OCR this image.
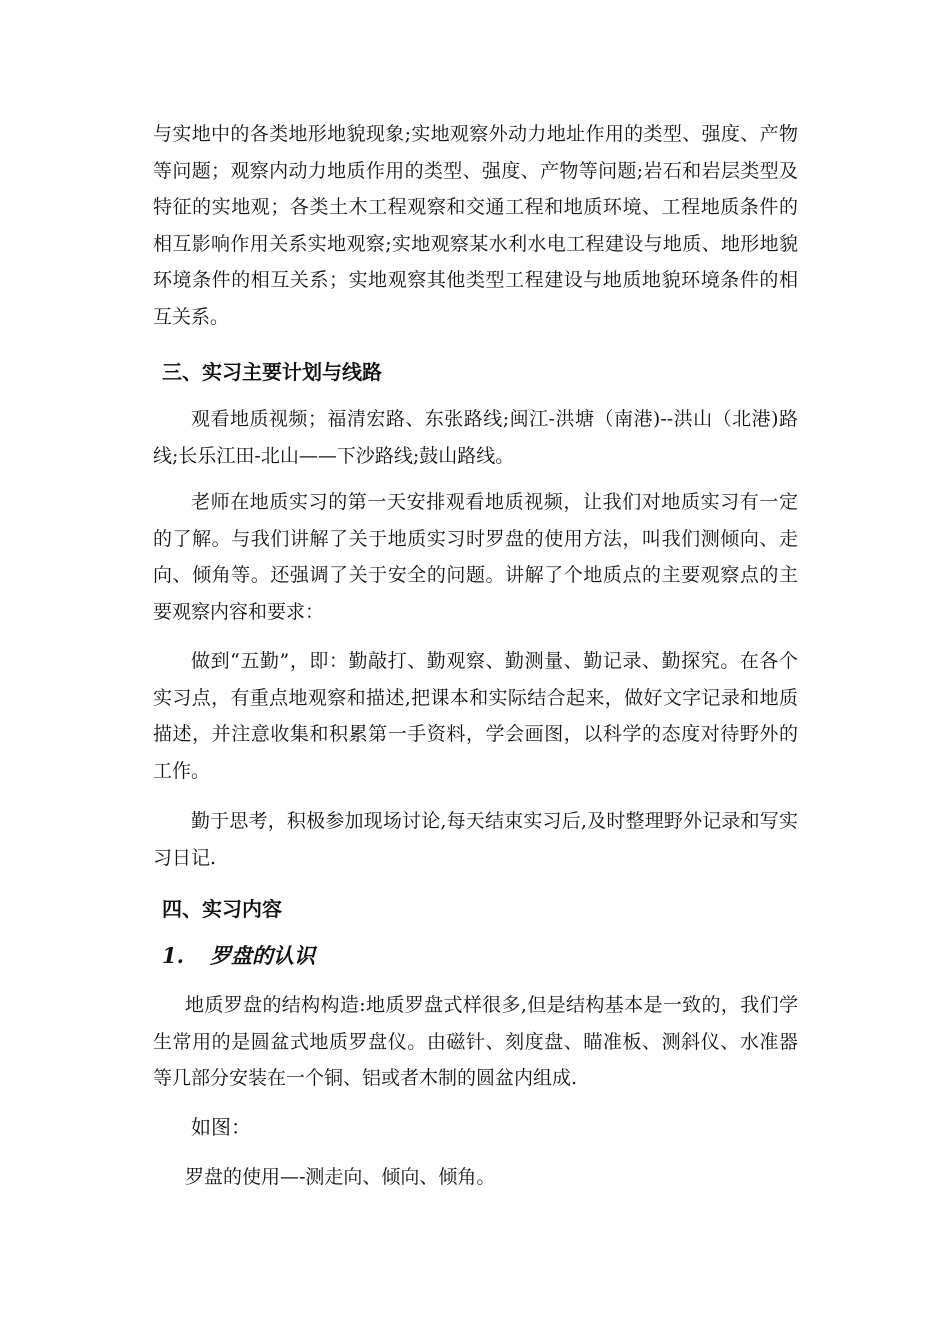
与实地中的各类地形地貌现象;实地观察外动力地址作用的类型、强度、产物等问题；观察内动力地质作用的类型、强度、产物等问题;岩石和岩层类型及特征的实地观；各类土木工程观察和交通工程和地质环境、工程地质条件的相互影响作用关系实地观察;实地观察某水利水电工程建设与地质、地形地貌环境条件的相互关系；实地观察其他类型工程建设与地质地貌环境条件的相互关系。

三、实习主要计划与线路

观看地质视频；福清宏路、东张路线;闽江-洪塘（南港)--洪山（北港)路线;长乐江田-北山——下沙路线;鼓山路线。

老师在地质实习的第一天安排观看地质视频，让我们对地质实习有一定的了解。与我们讲解了关于地质实习时罗盘的使用方法，叫我们测倾向、走向、倾角等。还强调了关于安全的问题。讲解了个地质点的主要观察点的主要观察内容和要求：

做到“五勤”，即：勤敲打、勤观察、勤测量、勤记录、勤探究。在各个实习点，有重点地观察和描述,把课本和实际结合起来，做好文字记录和地质描述，并注意收集和积累第一手资料，学会画图，以科学的态度对待野外的工作。

勤于思考，积极参加现场讨论,每天结束实习后,及时整理野外记录和写实习日记.

四、实习内容
1. 罗盘的认识

地质罗盘的结构构造:地质罗盘式样很多,但是结构基本是一致的，我们学生常用的是圆盆式地质罗盘仪。由磁针、刻度盘、瞄准板、测斜仪、水准器等几部分安装在一个铜、铝或者木制的圆盆内组成.

如图：

罗盘的使用—-测走向、倾向、倾角。
